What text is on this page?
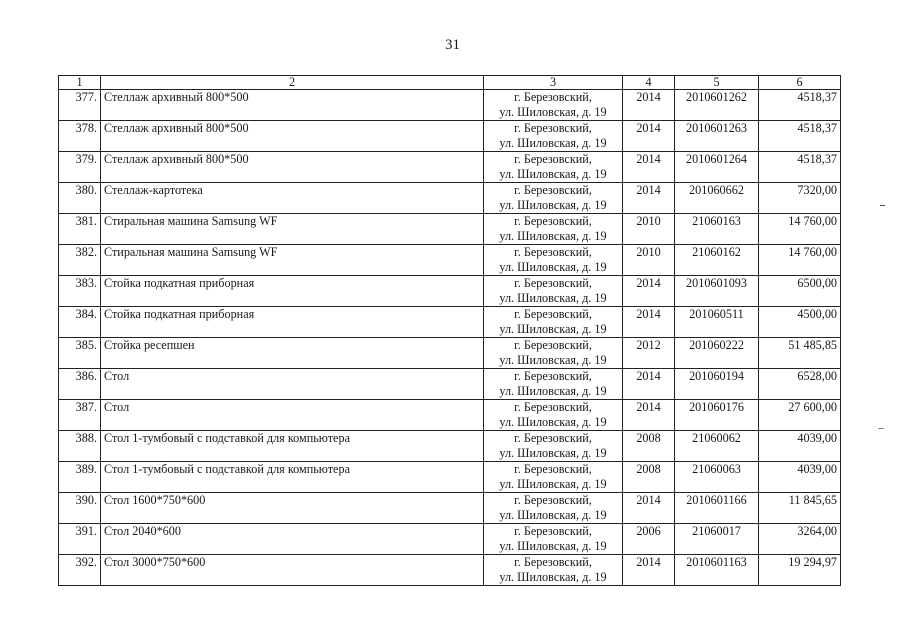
31
1	2	3	4	5	6
377.	Стеллаж архивный 800*500	г. Березовский,
ул. Шиловская, д. 19	2014	2010601262	4518,37
378.	Стеллаж архивный 800*500	г. Березовский,
ул. Шиловская, д. 19	2014	2010601263	4518,37
379.	Стеллаж архивный 800*500	г. Березовский,
ул. Шиловская, д. 19	2014	2010601264	4518,37
380.	Стеллаж-картотека	г. Березовский,
ул. Шиловская, д. 19	2014	201060662	7320,00
381.	Стиральная машина Samsung WF	г. Березовский,
ул. Шиловская, д. 19	2010	21060163	14 760,00
382.	Стиральная машина Samsung WF	г. Березовский,
ул. Шиловская, д. 19	2010	21060162	14 760,00
383.	Стойка подкатная приборная	г. Березовский,
ул. Шиловская, д. 19	2014	2010601093	6500,00
384.	Стойка подкатная приборная	г. Березовский,
ул. Шиловская, д. 19	2014	201060511	4500,00
385.	Стойка ресепшен	г. Березовский,
ул. Шиловская, д. 19	2012	201060222	51 485,85
386.	Стол	г. Березовский,
ул. Шиловская, д. 19	2014	201060194	6528,00
387.	Стол	г. Березовский,
ул. Шиловская, д. 19	2014	201060176	27 600,00
388.	Стол 1-тумбовый с подставкой для компьютера	г. Березовский,
ул. Шиловская, д. 19	2008	21060062	4039,00
389.	Стол 1-тумбовый с подставкой для компьютера	г. Березовский,
ул. Шиловская, д. 19	2008	21060063	4039,00
390.	Стол 1600*750*600	г. Березовский,
ул. Шиловская, д. 19	2014	2010601166	11 845,65
391.	Стол 2040*600	г. Березовский,
ул. Шиловская, д. 19	2006	21060017	3264,00
392.	Стол 3000*750*600	г. Березовский,
ул. Шиловская, д. 19	2014	2010601163	19 294,97
